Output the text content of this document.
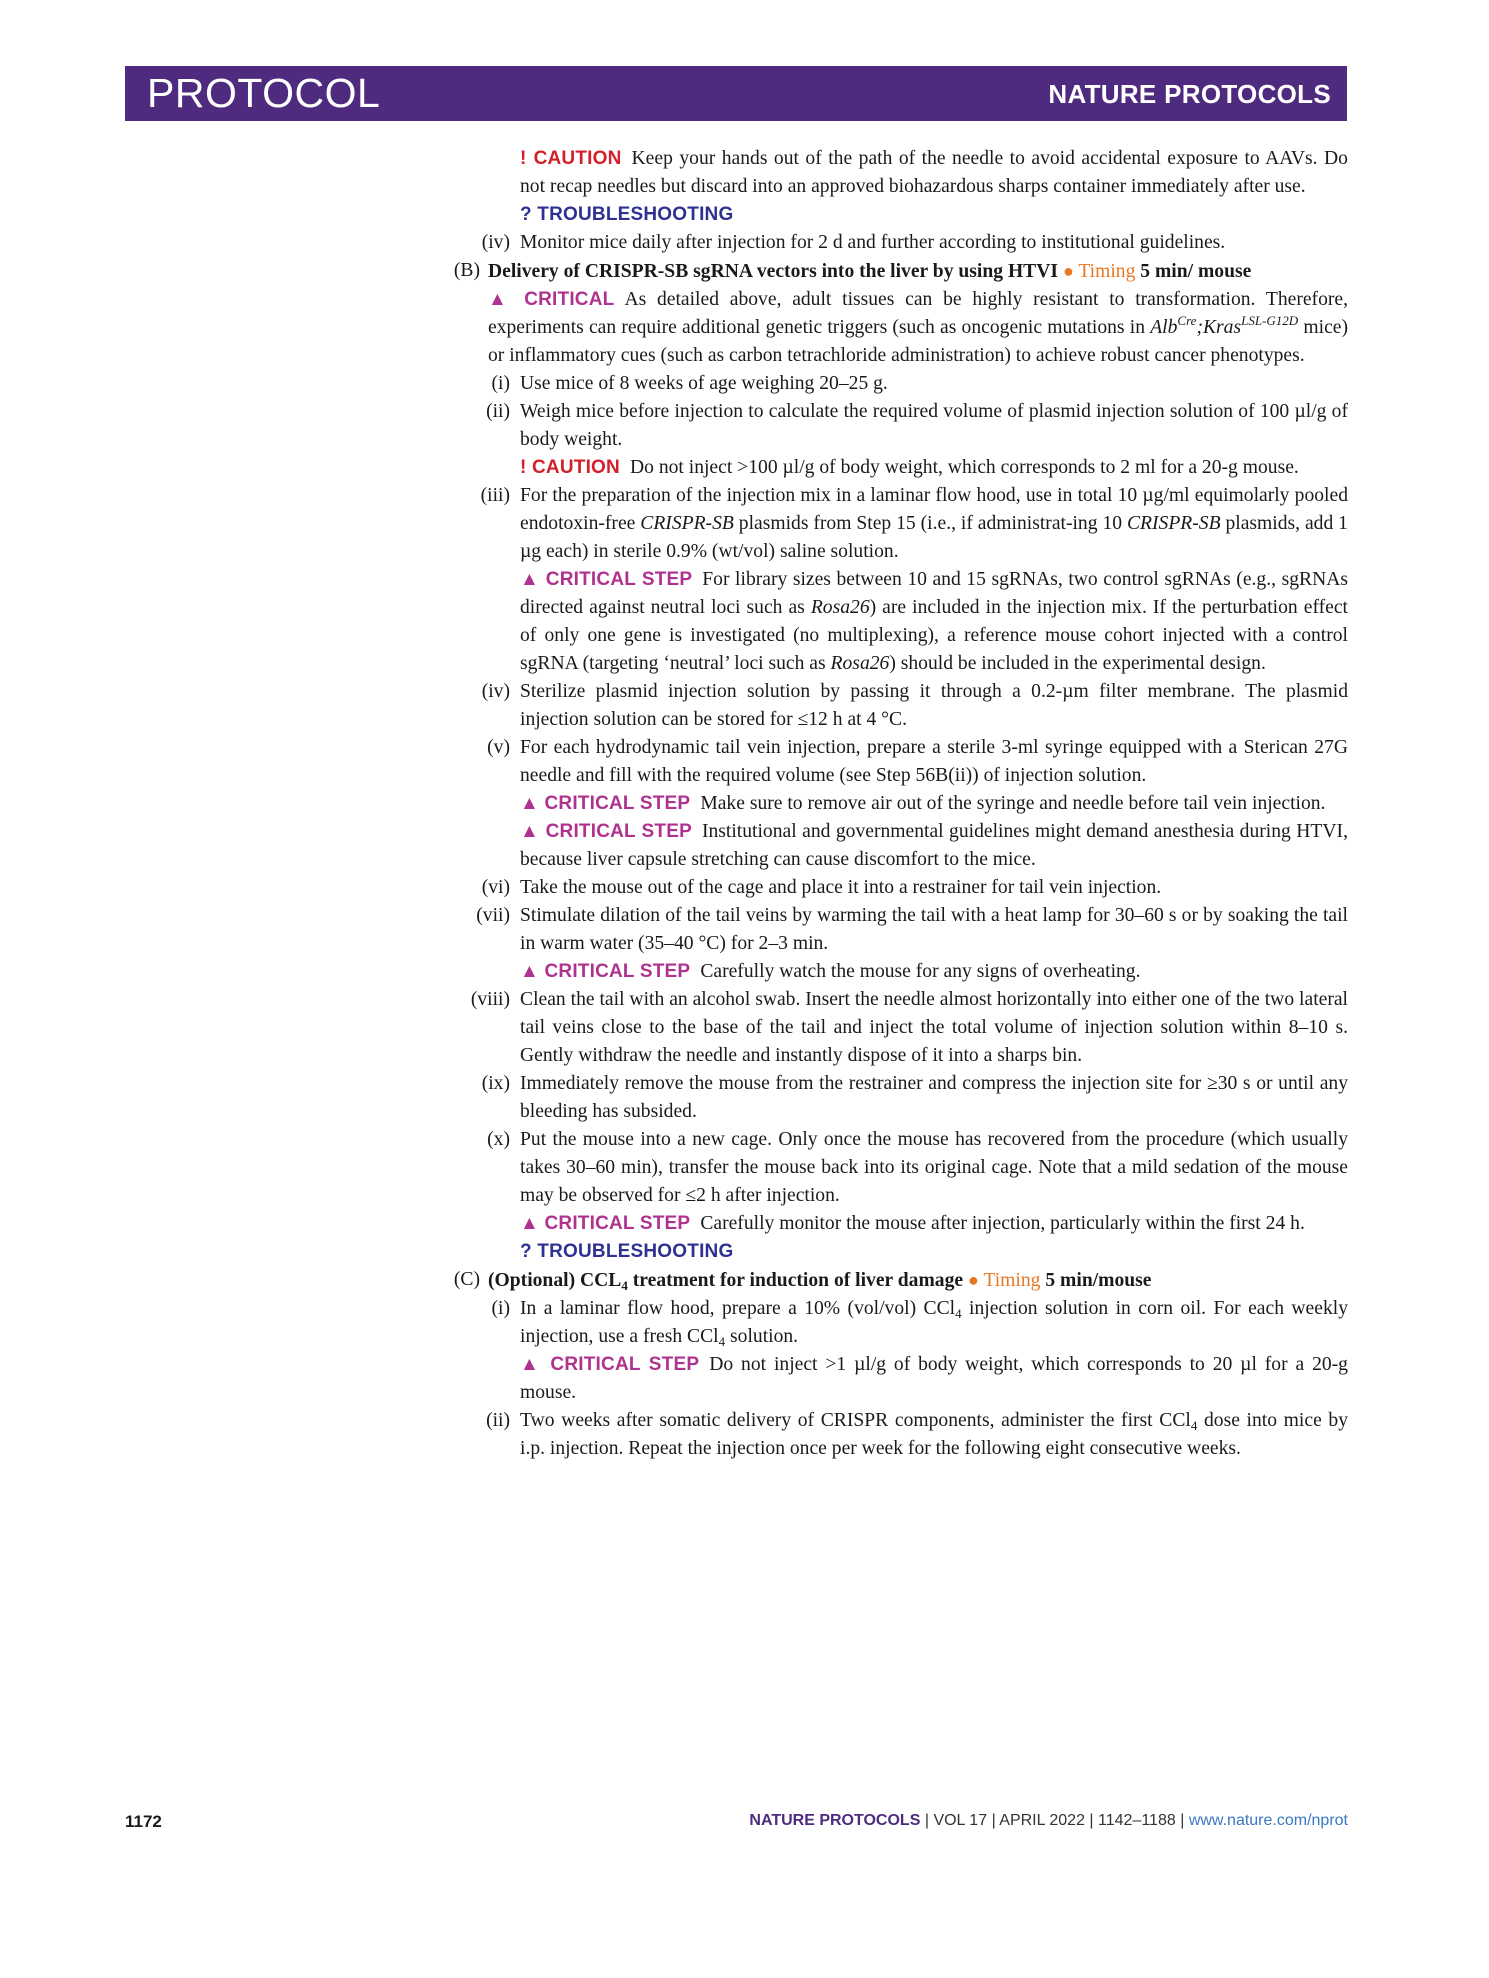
PROTOCOL	NATURE PROTOCOLS
! CAUTION Keep your hands out of the path of the needle to avoid accidental exposure to AAVs. Do not recap needles but discard into an approved biohazardous sharps container immediately after use.
? TROUBLESHOOTING
(iv) Monitor mice daily after injection for 2 d and further according to institutional guidelines.
(B) Delivery of CRISPR-SB sgRNA vectors into the liver by using HTVI ● Timing 5 min/ mouse
▲ CRITICAL As detailed above, adult tissues can be highly resistant to transformation. Therefore, experiments can require additional genetic triggers (such as oncogenic mutations in Alb$^{Cre}$;Kras$^{LSL-G12D}$ mice) or inflammatory cues (such as carbon tetrachloride administration) to achieve robust cancer phenotypes.
(i) Use mice of 8 weeks of age weighing 20–25 g.
(ii) Weigh mice before injection to calculate the required volume of plasmid injection solution of 100 µl/g of body weight.
! CAUTION Do not inject >100 µl/g of body weight, which corresponds to 2 ml for a 20-g mouse.
(iii) For the preparation of the injection mix in a laminar flow hood, use in total 10 µg/ml equimolarly pooled endotoxin-free CRISPR-SB plasmids from Step 15 (i.e., if administrat-ing 10 CRISPR-SB plasmids, add 1 µg each) in sterile 0.9% (wt/vol) saline solution.
▲ CRITICAL STEP For library sizes between 10 and 15 sgRNAs, two control sgRNAs (e.g., sgRNAs directed against neutral loci such as Rosa26) are included in the injection mix. If the perturbation effect of only one gene is investigated (no multiplexing), a reference mouse cohort injected with a control sgRNA (targeting ‘neutral’ loci such as Rosa26) should be included in the experimental design.
(iv) Sterilize plasmid injection solution by passing it through a 0.2-µm filter membrane. The plasmid injection solution can be stored for ≤12 h at 4 °C.
(v) For each hydrodynamic tail vein injection, prepare a sterile 3-ml syringe equipped with a Sterican 27G needle and fill with the required volume (see Step 56B(ii)) of injection solution.
▲ CRITICAL STEP Make sure to remove air out of the syringe and needle before tail vein injection.
▲ CRITICAL STEP Institutional and governmental guidelines might demand anesthesia during HTVI, because liver capsule stretching can cause discomfort to the mice.
(vi) Take the mouse out of the cage and place it into a restrainer for tail vein injection.
(vii) Stimulate dilation of the tail veins by warming the tail with a heat lamp for 30–60 s or by soaking the tail in warm water (35–40 °C) for 2–3 min.
▲ CRITICAL STEP Carefully watch the mouse for any signs of overheating.
(viii) Clean the tail with an alcohol swab. Insert the needle almost horizontally into either one of the two lateral tail veins close to the base of the tail and inject the total volume of injection solution within 8–10 s. Gently withdraw the needle and instantly dispose of it into a sharps bin.
(ix) Immediately remove the mouse from the restrainer and compress the injection site for ≥30 s or until any bleeding has subsided.
(x) Put the mouse into a new cage. Only once the mouse has recovered from the procedure (which usually takes 30–60 min), transfer the mouse back into its original cage. Note that a mild sedation of the mouse may be observed for ≤2 h after injection.
▲ CRITICAL STEP Carefully monitor the mouse after injection, particularly within the first 24 h.
? TROUBLESHOOTING
(C) (Optional) $CCL_4$ treatment for induction of liver damage ● Timing 5 min/mouse
(i) In a laminar flow hood, prepare a 10% (vol/vol) CCl$_4$ injection solution in corn oil. For each weekly injection, use a fresh CCl$_4$ solution.
▲ CRITICAL STEP Do not inject >1 µl/g of body weight, which corresponds to 20 µl for a 20-g mouse.
(ii) Two weeks after somatic delivery of CRISPR components, administer the first CCl$_4$ dose into mice by i.p. injection. Repeat the injection once per week for the following eight consecutive weeks.
1172	NATURE PROTOCOLS | VOL 17 | APRIL 2022 | 1142–1188 | www.nature.com/nprot
